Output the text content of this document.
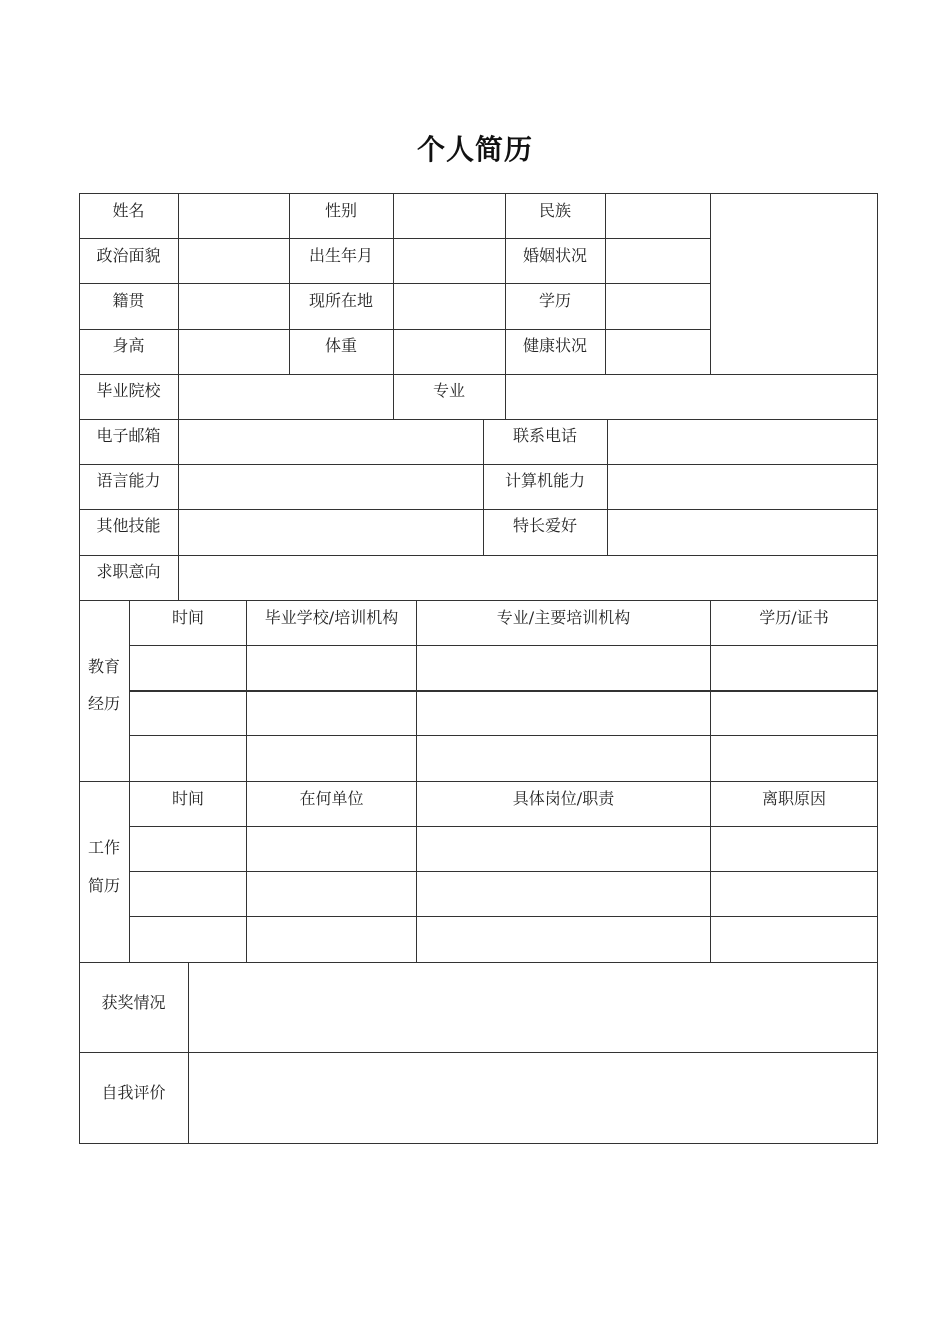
个人简历
姓名	性别	民族
政治面貌	出生年月	婚姻状况
籍贯	现所在地	学历
身高	体重	健康状况
毕业院校	专业
电子邮箱	联系电话
语言能力	计算机能力
其他技能	特长爱好
求职意向
教育
经历
时间	毕业学校/培训机构	专业/主要培训机构	学历/证书
工作
简历
时间	在何单位	具体岗位/职责	离职原因
获奖情况
自我评价
